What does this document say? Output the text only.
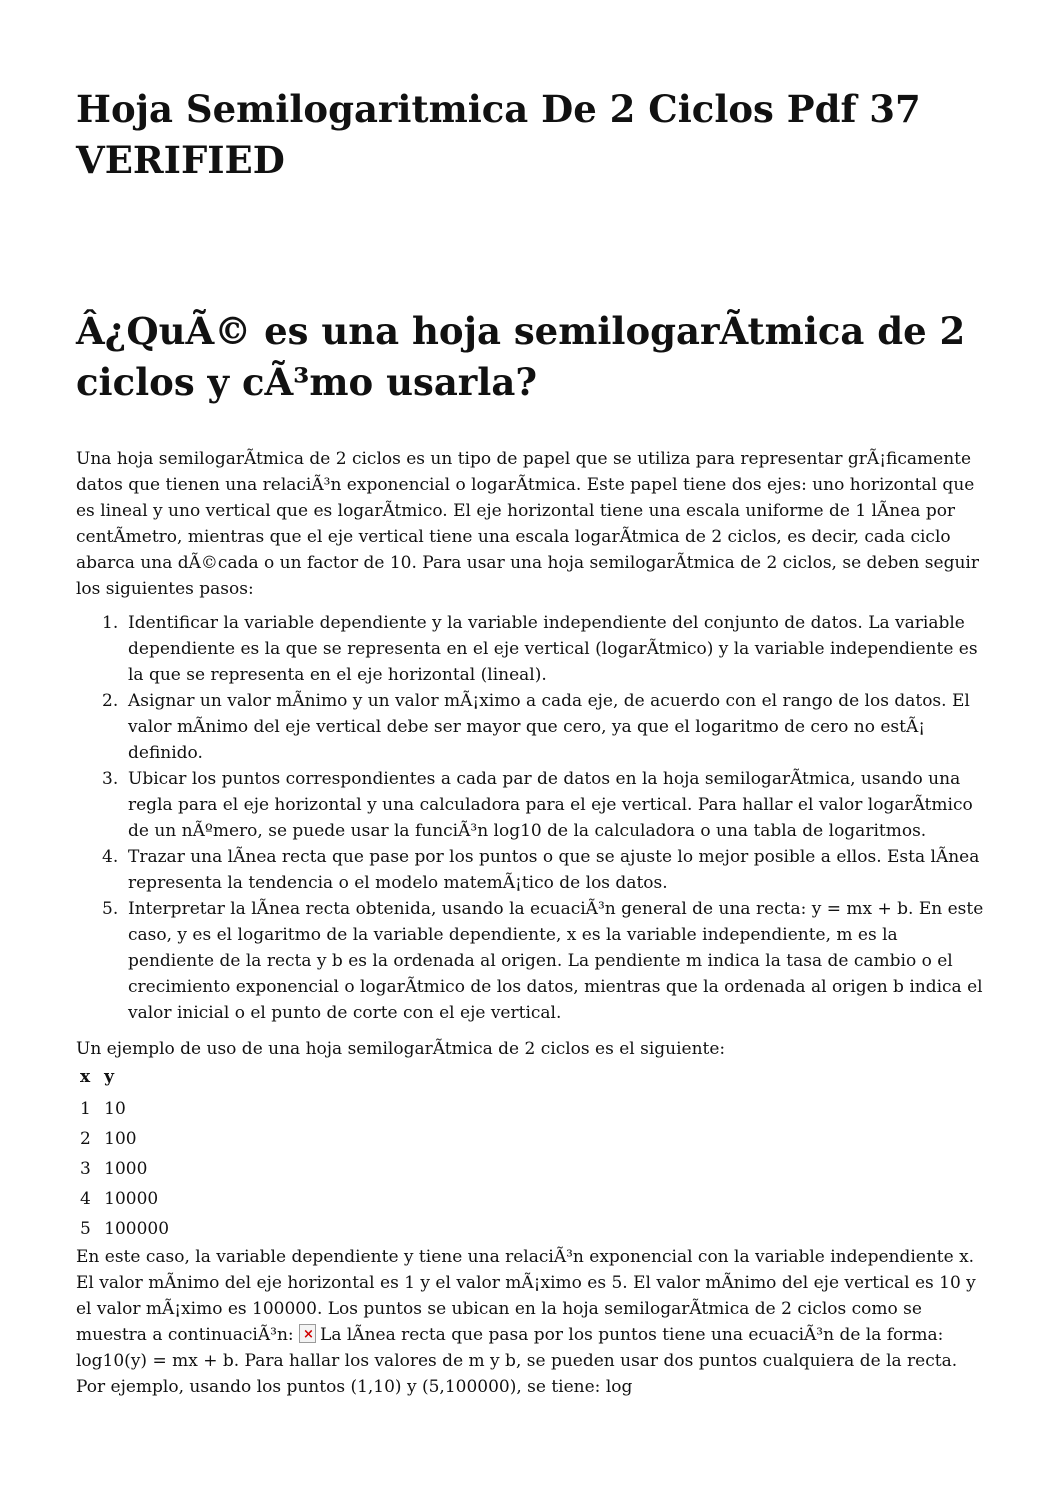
Hoja Semilogaritmica De 2 Ciclos Pdf 37 VERIFIED
Â¿QuÃ© es una hoja semilogarÃtmica de 2 ciclos y cÃ³mo usarla?

Una hoja semilogarÃtmica de 2 ciclos es un tipo de papel que se utiliza para representar grÃ¡ficamente datos que tienen una relaciÃ³n exponencial o logarÃtmica. Este papel tiene dos ejes: uno horizontal que es lineal y uno vertical que es logarÃtmico. El eje horizontal tiene una escala uniforme de 1 lÃnea por centÃmetro, mientras que el eje vertical tiene una escala logarÃtmica de 2 ciclos, es decir, cada ciclo abarca una dÃ©cada o un factor de 10. Para usar una hoja semilogarÃtmica de 2 ciclos, se deben seguir los siguientes pasos:

1. Identificar la variable dependiente y la variable independiente del conjunto de datos. La variable dependiente es la que se representa en el eje vertical (logarÃtmico) y la variable independiente es la que se representa en el eje horizontal (lineal).
2. Asignar un valor mÃnimo y un valor mÃ¡ximo a cada eje, de acuerdo con el rango de los datos. El valor mÃnimo del eje vertical debe ser mayor que cero, ya que el logaritmo de cero no estÃ¡ definido.
3. Ubicar los puntos correspondientes a cada par de datos en la hoja semilogarÃtmica, usando una regla para el eje horizontal y una calculadora para el eje vertical. Para hallar el valor logarÃtmico de un nÃºmero, se puede usar la funciÃ³n log10 de la calculadora o una tabla de logaritmos.
4. Trazar una lÃnea recta que pase por los puntos o que se ajuste lo mejor posible a ellos. Esta lÃnea representa la tendencia o el modelo matemÃ¡tico de los datos.
5. Interpretar la lÃnea recta obtenida, usando la ecuaciÃ³n general de una recta: y = mx + b. En este caso, y es el logaritmo de la variable dependiente, x es la variable independiente, m es la pendiente de la recta y b es la ordenada al origen. La pendiente m indica la tasa de cambio o el crecimiento exponencial o logarÃtmico de los datos, mientras que la ordenada al origen b indica el valor inicial o el punto de corte con el eje vertical.

Un ejemplo de uso de una hoja semilogarÃtmica de 2 ciclos es el siguiente:

x	y
1	10
2	100
3	1000
4	10000
5	100000

En este caso, la variable dependiente y tiene una relaciÃ³n exponencial con la variable independiente x. El valor mÃnimo del eje horizontal es 1 y el valor mÃ¡ximo es 5. El valor mÃnimo del eje vertical es 10 y el valor mÃ¡ximo es 100000. Los puntos se ubican en la hoja semilogarÃtmica de 2 ciclos como se muestra a continuaciÃ³n: × La lÃnea recta que pasa por los puntos tiene una ecuaciÃ³n de la forma: log10(y) = mx + b. Para hallar los valores de m y b, se pueden usar dos puntos cualquiera de la recta. Por ejemplo, usando los puntos (1,10) y (5,100000), se tiene: log
